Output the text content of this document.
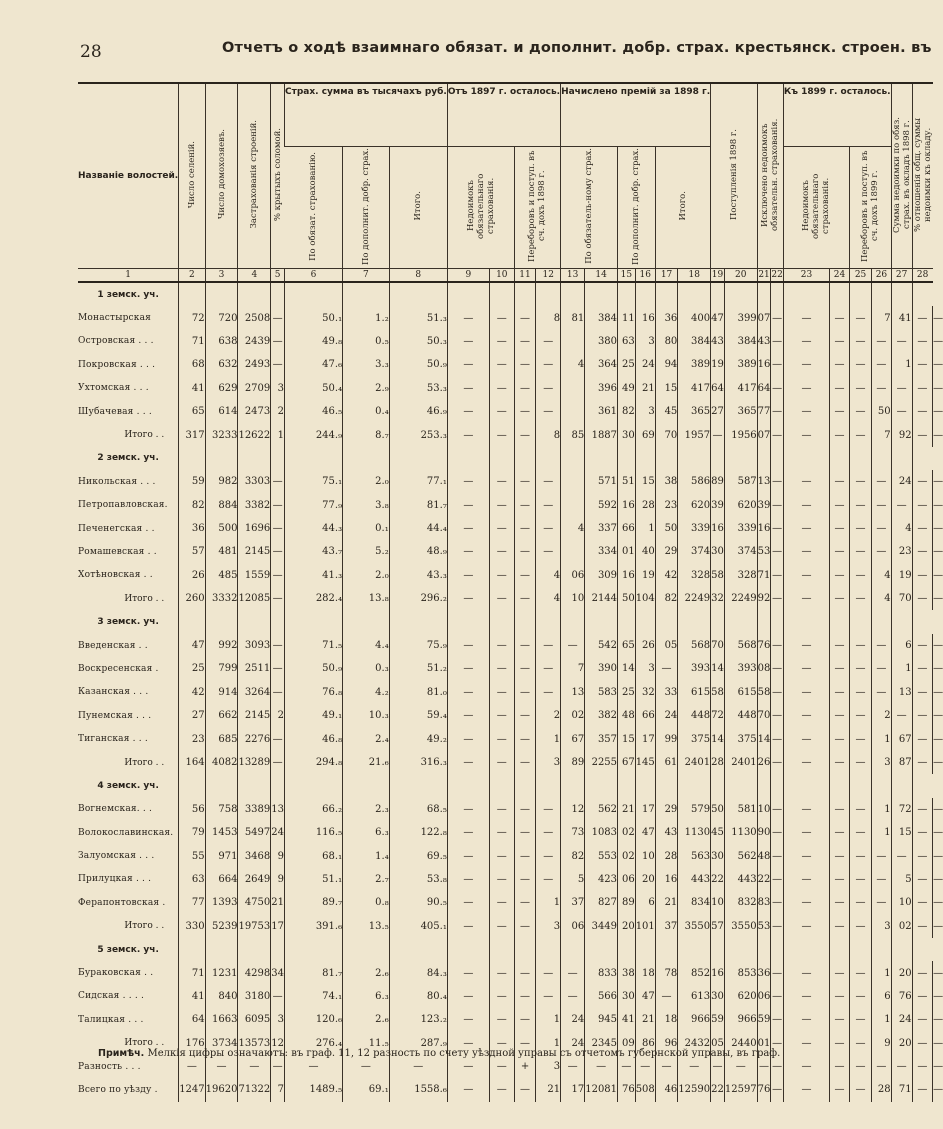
28	Отчетъ о ходѣ взаимнаго обязат. и дополнит. добр. страх. крестьянск. строен. въ
Названіе волостей.	Число селеній.	Число домохозяевъ.	Застрахованія строеній.	% крытыхъ соломой.	Страх. сумма въ тысячахъ руб.			Отъ 1897 г. осталось.				Начислено премій за 1898 г.						Поступленія 1898 г.		Исключено недоимокъ обязательн. страхованія.		Къ 1899 г. осталось.				Сумма недоимки по обяз. страх. въ окладъ 1898 г.	% отношенія общ. суммы недоимки къ окладу.	
					По обязат. страхованію.	По дополнит. добр. страх.	Итого.	Недоимокъ обязательнаго страхованія.		Переборовъ и поступ. въ сч. дохъ 1898 г.		По обязатель-ному страх.		По дополнит. добр. страх.		Итого.						Недоимокъ обязательнаго страхованія.		Переборовъ и поступ. въ сч. дохъ 1899 г.				
1	2	3	4	5	6	7	8	9	10	11	12	13	14	15	16	17	18	19	20	21	22	23	24	25	26	27	28	
1 земск. уч.																												
Монастырская	72	720	2508	—	50.₁	1.₂	51.₃	—	—	—	8	81	384	11	16	36	400	47	399	07	—	—	—	—	7	41	—	—
Островская . . .	71	638	2439	—	49.₈	0.₅	50.₃	—	—	—	—		380	63	3	80	384	43	384	43	—	—	—	—	—	—	—	—
Покровская . . .	68	632	2493	—	47.₆	3.₃	50.₉	—	—	—	—	4	364	25	24	94	389	19	389	16	—	—	—	—	—	1	—	—
Ухтомская . . .	41	629	2709	3	50.₄	2.₉	53.₃	—	—	—	—		396	49	21	15	417	64	417	64	—	—	—	—	—	—	—	—
Шубачевая . . .	65	614	2473	2	46.₅	0.₄	46.₉	—	—	—	—		361	82	3	45	365	27	365	77	—	—	—	—	50	—	—	—
Итого . .	317	3233	12622	1	244.₉	8.₇	253.₃	—	—	—	8	85	1887	30	69	70	1957	—	1956	07	—	—	—	—	7	92	—	—
2 земск. уч.																												
Никольская . . .	59	982	3303	—	75.₁	2.₀	77.₁	—	—	—	—		571	51	15	38	586	89	587	13	—	—	—	—	—	24	—	—
Петропавловская.	82	884	3382	—	77.₉	3.₈	81.₇	—	—	—	—		592	16	28	23	620	39	620	39	—	—	—	—	—	—	—	—
Печенегская . .	36	500	1696	—	44.₃	0.₁	44.₄	—	—	—	—	4	337	66	1	50	339	16	339	16	—	—	—	—	—	4	—	—
Ромашевская . .	57	481	2145	—	43.₇	5.₂	48.₉	—	—	—	—		334	01	40	29	374	30	374	53	—	—	—	—	—	23	—	—
Хотѣновская . .	26	485	1559	—	41.₃	2.₀	43.₃	—	—	—	4	06	309	16	19	42	328	58	328	71	—	—	—	—	4	19	—	—
Итого . .	260	3332	12085	—	282.₄	13.₈	296.₂	—	—	—	4	10	2144	50	104	82	2249	32	2249	92	—	—	—	—	4	70	—	—
3 земск. уч.																												
Введенская . .	47	992	3093	—	71.₅	4.₄	75.₉	—	—	—	—	—	542	65	26	05	568	70	568	76	—	—	—	—	—	6	—	—
Воскресенская .	25	799	2511	—	50.₉	0.₃	51.₂	—	—	—	—	7	390	14	3	—	393	14	393	08	—	—	—	—	—	1	—	—
Казанская . . .	42	914	3264	—	76.₈	4.₂	81.₀	—	—	—	—	13	583	25	32	33	615	58	615	58	—	—	—	—	—	13	—	—
Пунемская . . .	27	662	2145	2	49.₁	10.₃	59.₄	—	—	—	2	02	382	48	66	24	448	72	448	70	—	—	—	—	2	—	—	—
Тиганская . . .	23	685	2276	—	46.₈	2.₄	49.₂	—	—	—	1	67	357	15	17	99	375	14	375	14	—	—	—	—	1	67	—	—
Итого . .	164	4082	13289	—	294.₈	21.₆	316.₃	—	—	—	3	89	2255	67	145	61	2401	28	2401	26	—	—	—	—	3	87	—	—
4 земск. уч.																												
Вогнемская. . .	56	758	3389	13	66.₂	2.₃	68.₅	—	—	—	—	12	562	21	17	29	579	50	581	10	—	—	—	—	1	72	—	—
Волокославинская.	79	1453	5497	24	116.₅	6.₃	122.₈	—	—	—	—	73	1083	02	47	43	1130	45	1130	90	—	—	—	—	1	15	—	—
Залуомская . . .	55	971	3468	9	68.₁	1.₄	69.₅	—	—	—	—	82	553	02	10	28	563	30	562	48	—	—	—	—	—	—	—	—
Прилуцкая . . .	63	664	2649	9	51.₁	2.₇	53.₈	—	—	—	—	5	423	06	20	16	443	22	443	22	—	—	—	—	—	5	—	—
Ферапонтовская .	77	1393	4750	21	89.₇	0.₈	90.₅	—	—	—	1	37	827	89	6	21	834	10	832	83	—	—	—	—	—	10	—	—
Итого . .	330	5239	19753	17	391.₆	13.₅	405.₁	—	—	—	3	06	3449	20	101	37	3550	57	3550	53	—	—	—	—	3	02	—	—
5 земск. уч.																												
Бураковская . .	71	1231	4298	34	81.₇	2.₆	84.₃	—	—	—	—	—	833	38	18	78	852	16	853	36	—	—	—	—	1	20	—	—
Сидская . . . .	41	840	3180	—	74.₁	6.₃	80.₄	—	—	—	—	—	566	30	47	—	613	30	620	06	—	—	—	—	6	76	—	—
Талицкая . . .	64	1663	6095	3	120.₆	2.₆	123.₂	—	—	—	1	24	945	41	21	18	966	59	966	59	—	—	—	—	1	24	—	—
Итого . .	176	3734	13573	12	276.₄	11.₅	287.₉	—	—	—	1	24	2345	09	86	96	2432	05	2440	01	—	—	—	—	9	20	—	—
Разность . . .	—	—	—	—	—	—	—	—	—	+	3	—	—	—	—	—	—	—	—	—	—	—	—	—	—	—	—	—
Всего по уѣзду .	1247	19620	71322	7	1489.₅	69.₁	1558.₆	—	—	—	21	17	12081	76	508	46	12590	22	12597	76	—	—	—	—	28	71	—	—
Примѣч. Мелкія цифры означаютъ: въ граф. 11, 12 разность по счету уѣздной управы съ отчетомъ губернской управы, въ граф.
